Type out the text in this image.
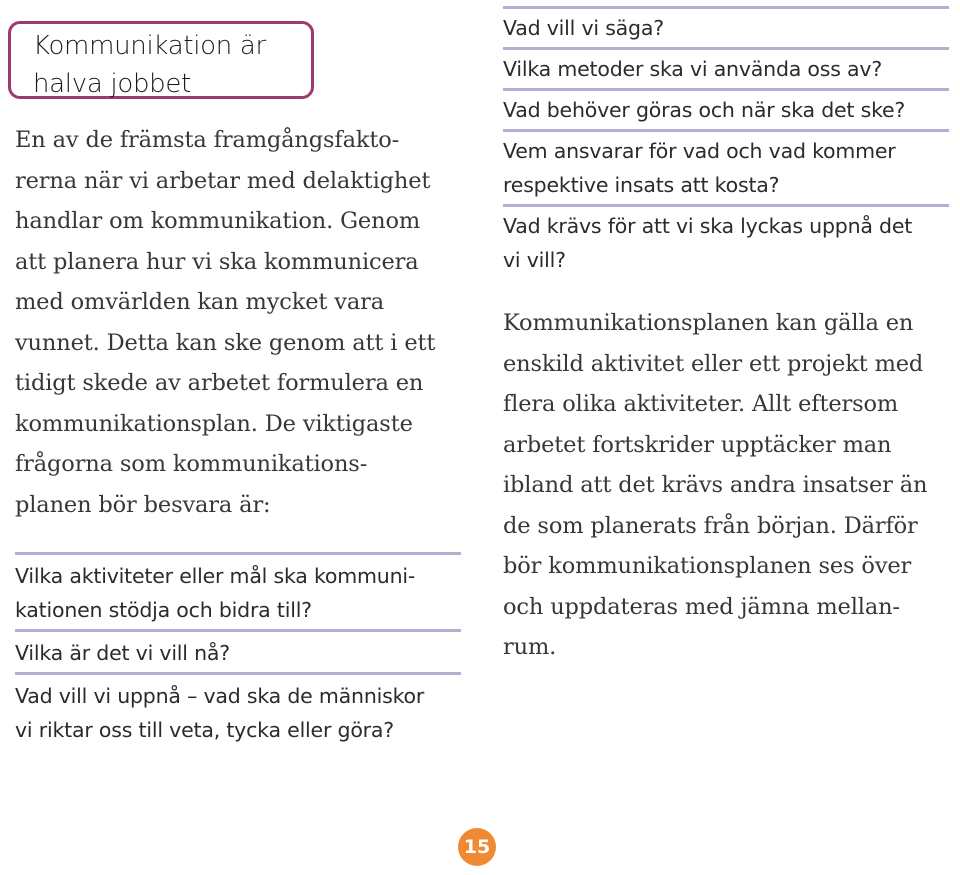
Kommunikation är
halva jobbet
En av de främsta framgångsfakto-
rerna när vi arbetar med delaktighet
handlar om kommunikation. Genom
att planera hur vi ska kommunicera
med omvärlden kan mycket vara
vunnet. Detta kan ske genom att i ett
tidigt skede av arbetet formulera en
kommunikationsplan. De viktigaste
frågorna som kommunikations-
planen bör besvara är:
Vilka aktiviteter eller mål ska kommuni-
kationen stödja och bidra till?
Vilka är det vi vill nå?
Vad vill vi uppnå – vad ska de människor
vi riktar oss till veta, tycka eller göra?
Vad vill vi säga?
Vilka metoder ska vi använda oss av?
Vad behöver göras och när ska det ske?
Vem ansvarar för vad och vad kommer
respektive insats att kosta?
Vad krävs för att vi ska lyckas uppnå det
vi vill?
Kommunikationsplanen kan gälla en
enskild aktivitet eller ett projekt med
flera olika aktiviteter. Allt eftersom
arbetet fortskrider upptäcker man
ibland att det krävs andra insatser än
de som planerats från början. Därför
bör kommunikationsplanen ses över
och uppdateras med jämna mellan-
rum.
15
